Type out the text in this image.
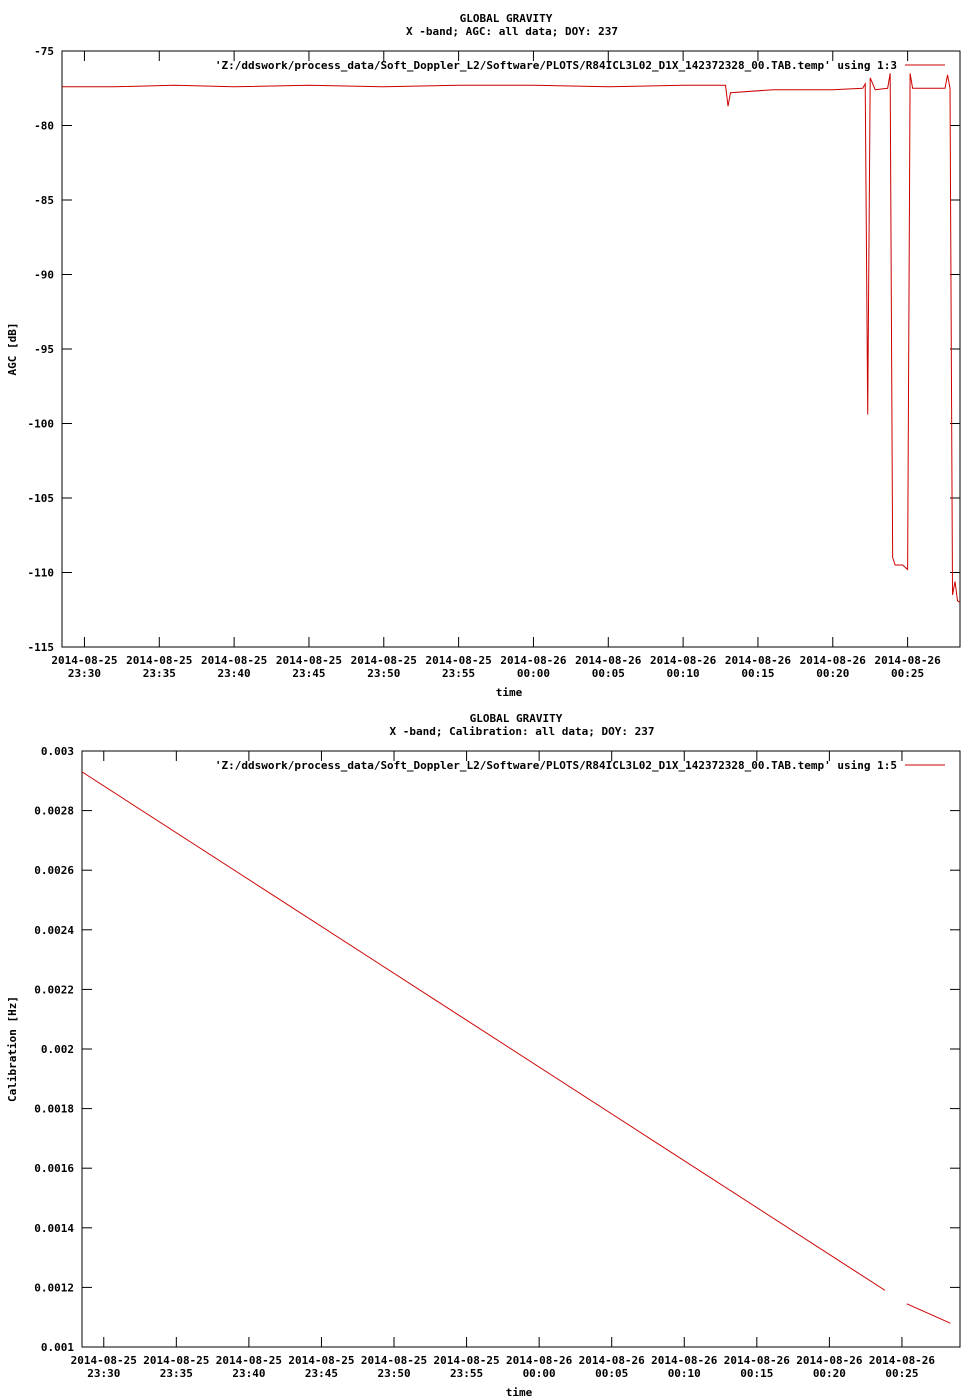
GLOBAL GRAVITY
X -band; AGC: all data; DOY: 237
AGC [dB]
time
'Z:/ddswork/process_data/Soft_Doppler_L2/Software/PLOTS/R84ICL3L02_D1X_142372328_00.TAB.temp' using 1:3
-75
-80
-85
-90
-95
-100
-105
-110
-115
2014-08-25
23:30
2014-08-25
23:35
2014-08-25
23:40
2014-08-25
23:45
2014-08-25
23:50
2014-08-25
23:55
2014-08-26
00:00
2014-08-26
00:05
2014-08-26
00:10
2014-08-26
00:15
2014-08-26
00:20
2014-08-26
00:25
GLOBAL GRAVITY
X -band; Calibration: all data; DOY: 237
Calibration [Hz]
time
'Z:/ddswork/process_data/Soft_Doppler_L2/Software/PLOTS/R84ICL3L02_D1X_142372328_00.TAB.temp' using 1:5
0.003
0.0028
0.0026
0.0024
0.0022
0.002
0.0018
0.0016
0.0014
0.0012
0.001
2014-08-25
23:30
2014-08-25
23:35
2014-08-25
23:40
2014-08-25
23:45
2014-08-25
23:50
2014-08-25
23:55
2014-08-26
00:00
2014-08-26
00:05
2014-08-26
00:10
2014-08-26
00:15
2014-08-26
00:20
2014-08-26
00:25
